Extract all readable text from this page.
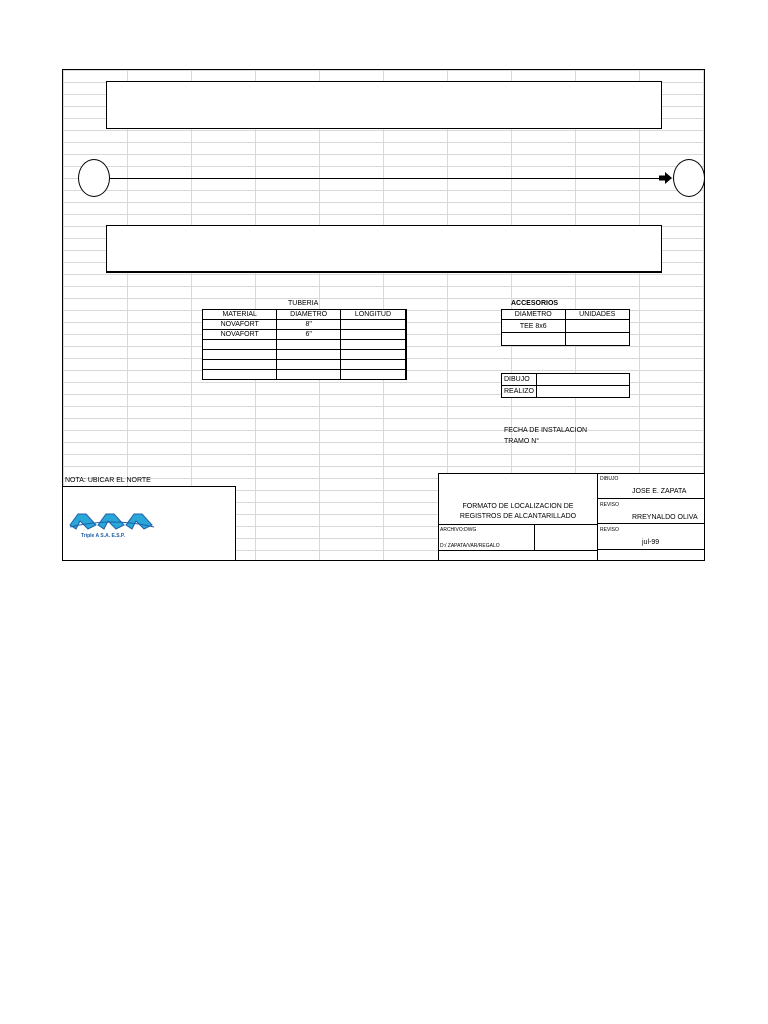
TUBERIA
MATERIAL	DIAMETRO	LONGITUD
NOVAFORT	8"	
NOVAFORT	6"	

ACCESORIOS
DIAMETRO	UNIDADES
TEE 8x6	

DIBUJO	
REALIZO	
FECHA DE INSTALACION
TRAMO N°
NOTA: UBICAR EL NORTE
Triple A S.A. E.S.P.
FORMATO DE LOCALIZACION DE REGISTROS DE ALCANTARILLADO
ARCHIVO:DWG
D:/ ZAPATA/VAR/REGALO
DIBUJO
JOSE E. ZAPATA
REVISO
RREYNALDO OLIVA
REVISO
jul-99
